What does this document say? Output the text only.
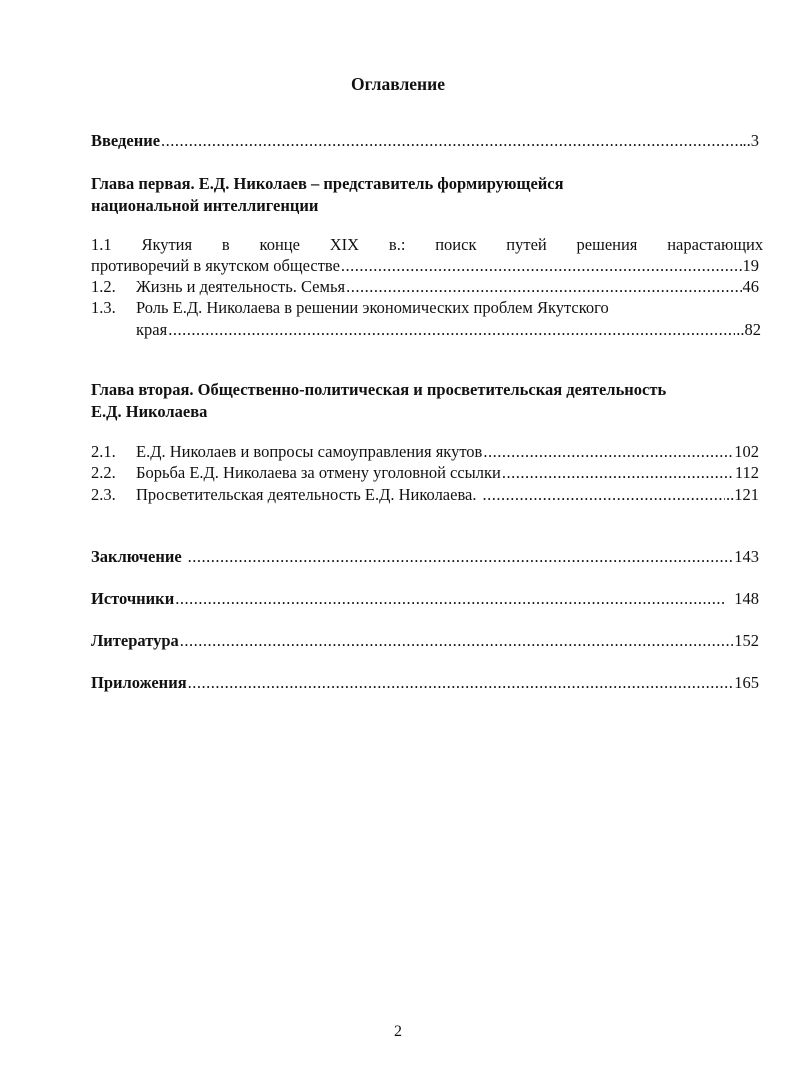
Оглавление
Введение .....	..3
Глава первая. Е.Д. Николаев – представитель формирующейся
национальной интеллигенции
1.1 Якутия в конце XIX в.: поиск путей решения нарастающих
противоречий в якутском обществе .....	19
1.2.	Жизнь и деятельность. Семья .....	46
1.3.	Роль Е.Д. Николаева в решении экономических проблем Якутского
края .....	..82
Глава вторая. Общественно-политическая и просветительская деятельность
Е.Д. Николаева
2.1.	Е.Д. Николаев и вопросы самоуправления якутов .....	102
2.2.	Борьба Е.Д. Николаева за отмену уголовной ссылки .....	112
2.3.	Просветительская деятельность Е.Д. Николаева. .....	..121
Заключение .....	143
Источники .....	148
Литература .....	152
Приложения .....	165
2
